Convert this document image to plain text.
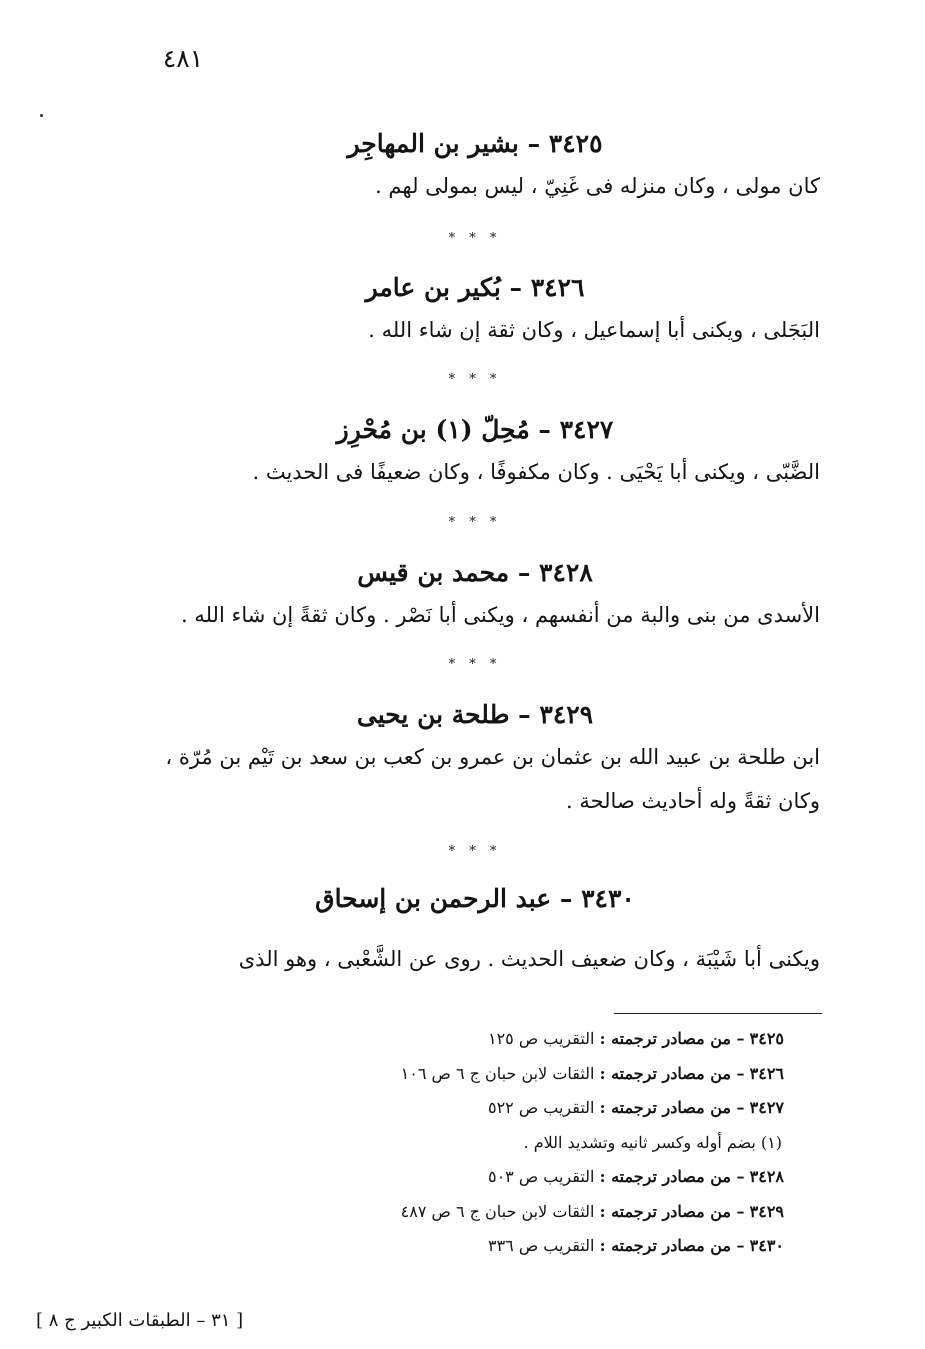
٤٨١
٣٤٢٥ – بشير بن المهاجِر
كان مولى ، وكان منزله فى غَنِيّ ، ليس بمولى لهم .
* * *
٣٤٢٦ – بُكير بن عامر
البَجَلى ، ويكنى أبا إسماعيل ، وكان ثقة إن شاء الله .
* * *
٣٤٢٧ – مُحِلّ (١) بن مُحْرِز
الضَّبّى ، ويكنى أبا يَحْيَى . وكان مكفوفًا ، وكان ضعيفًا فى الحديث .
* * *
٣٤٢٨ – محمد بن قيس
الأسدى من بنى والبة من أنفسهم ، ويكنى أبا نَصْر . وكان ثقةً إن شاء الله .
* * *
٣٤٢٩ – طلحة بن يحيى
ابن طلحة بن عبيد الله بن عثمان بن عمرو بن كعب بن سعد بن تَيْم بن مُرّة ،
وكان ثقةً وله أحاديث صالحة .
* * *
٣٤٣٠ – عبد الرحمن بن إسحاق
ويكنى أبا شَيْبَة ، وكان ضعيف الحديث . روى عن الشَّعْبى ، وهو الذى
٣٤٢٥ – من مصادر ترجمته : التقريب ص ١٢٥
٣٤٢٦ – من مصادر ترجمته : الثقات لابن حبان ج ٦ ص ١٠٦
٣٤٢٧ – من مصادر ترجمته : التقريب ص ٥٢٢
(١) بضم أوله وكسر ثانيه وتشديد اللام .
٣٤٢٨ – من مصادر ترجمته : التقريب ص ٥٠٣
٣٤٢٩ – من مصادر ترجمته : الثقات لابن حبان ج ٦ ص ٤٨٧
٣٤٣٠ – من مصادر ترجمته : التقريب ص ٣٣٦
[ ٣١ – الطبقات الكبير ج ٨ ]
